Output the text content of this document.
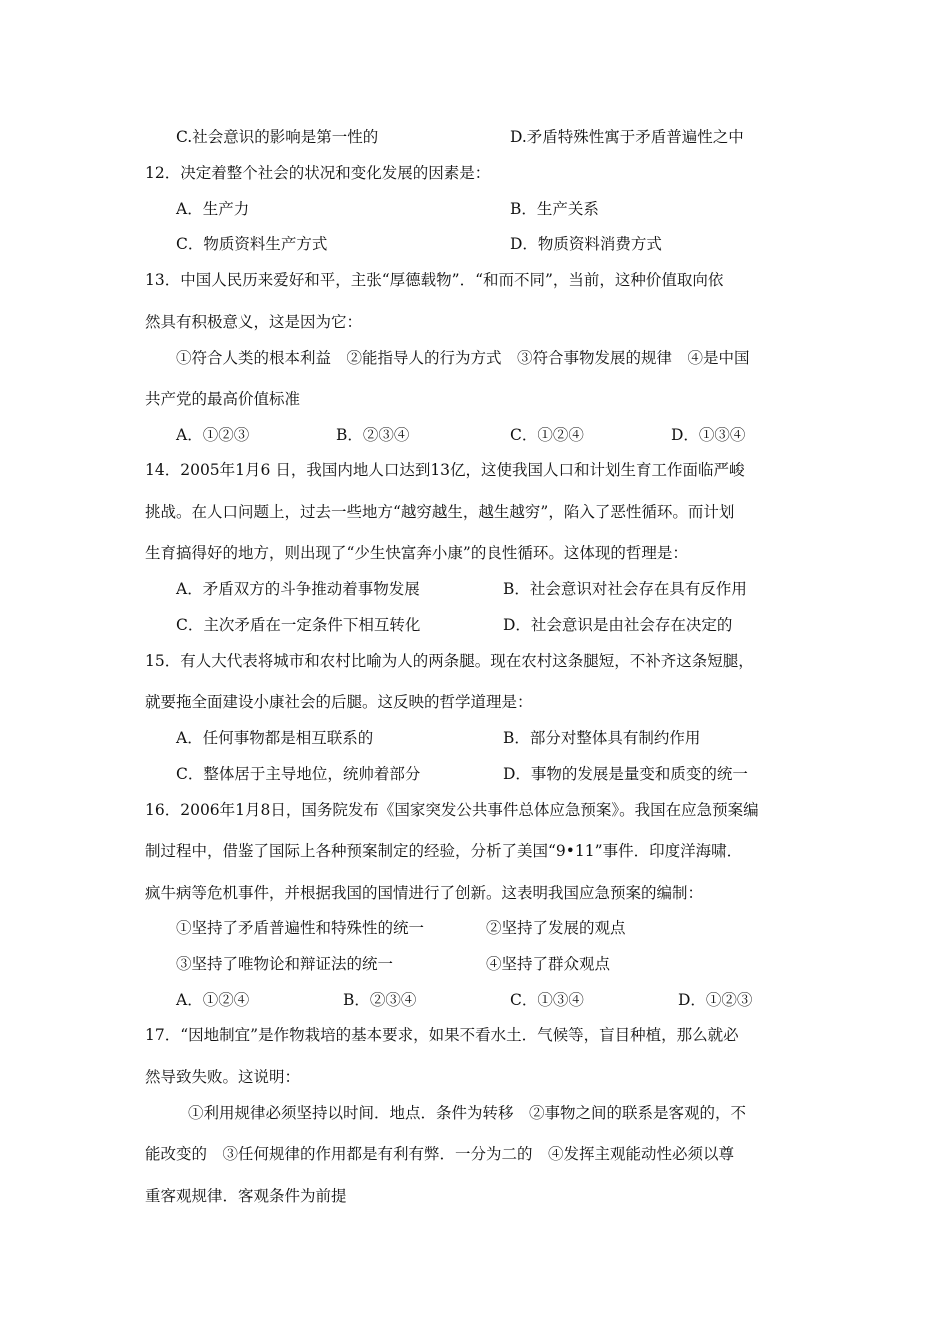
C.社会意识的影响是第一性的	D.矛盾特殊性寓于矛盾普遍性之中
12．决定着整个社会的状况和变化发展的因素是：
A．生产力	B．生产关系
C．物质资料生产方式	D．物质资料消费方式
13．中国人民历来爱好和平，主张“厚德载物”．“和而不同”，当前，这种价值取向依
然具有积极意义，这是因为它：
①符合人类的根本利益　②能指导人的行为方式　③符合事物发展的规律　④是中国
共产党的最高价值标准
A．①②③	B．②③④	C．①②④	D．①③④
14．2005年1月6 日，我国内地人口达到13亿，这使我国人口和计划生育工作面临严峻
挑战。在人口问题上，过去一些地方“越穷越生，越生越穷”，陷入了恶性循环。而计划
生育搞得好的地方，则出现了“少生快富奔小康”的良性循环。这体现的哲理是：
A．矛盾双方的斗争推动着事物发展	B．社会意识对社会存在具有反作用
C．主次矛盾在一定条件下相互转化	D．社会意识是由社会存在决定的
15．有人大代表将城市和农村比喻为人的两条腿。现在农村这条腿短，不补齐这条短腿，
就要拖全面建设小康社会的后腿。这反映的哲学道理是：
A．任何事物都是相互联系的	B．部分对整体具有制约作用
C．整体居于主导地位，统帅着部分	D．事物的发展是量变和质变的统一
16．2006年1月8日，国务院发布《国家突发公共事件总体应急预案》。我国在应急预案编
制过程中，借鉴了国际上各种预案制定的经验，分析了美国“9•11”事件．印度洋海啸．
疯牛病等危机事件，并根据我国的国情进行了创新。这表明我国应急预案的编制：
①坚持了矛盾普遍性和特殊性的统一	②坚持了发展的观点
③坚持了唯物论和辩证法的统一	④坚持了群众观点
A．①②④	B．②③④	C．①③④	D．①②③
17．“因地制宜”是作物栽培的基本要求，如果不看水土．气候等，盲目种植，那么就必
然导致失败。这说明：
①利用规律必须坚持以时间．地点．条件为转移　②事物之间的联系是客观的，不
能改变的　③任何规律的作用都是有利有弊．一分为二的　④发挥主观能动性必须以尊
重客观规律．客观条件为前提
